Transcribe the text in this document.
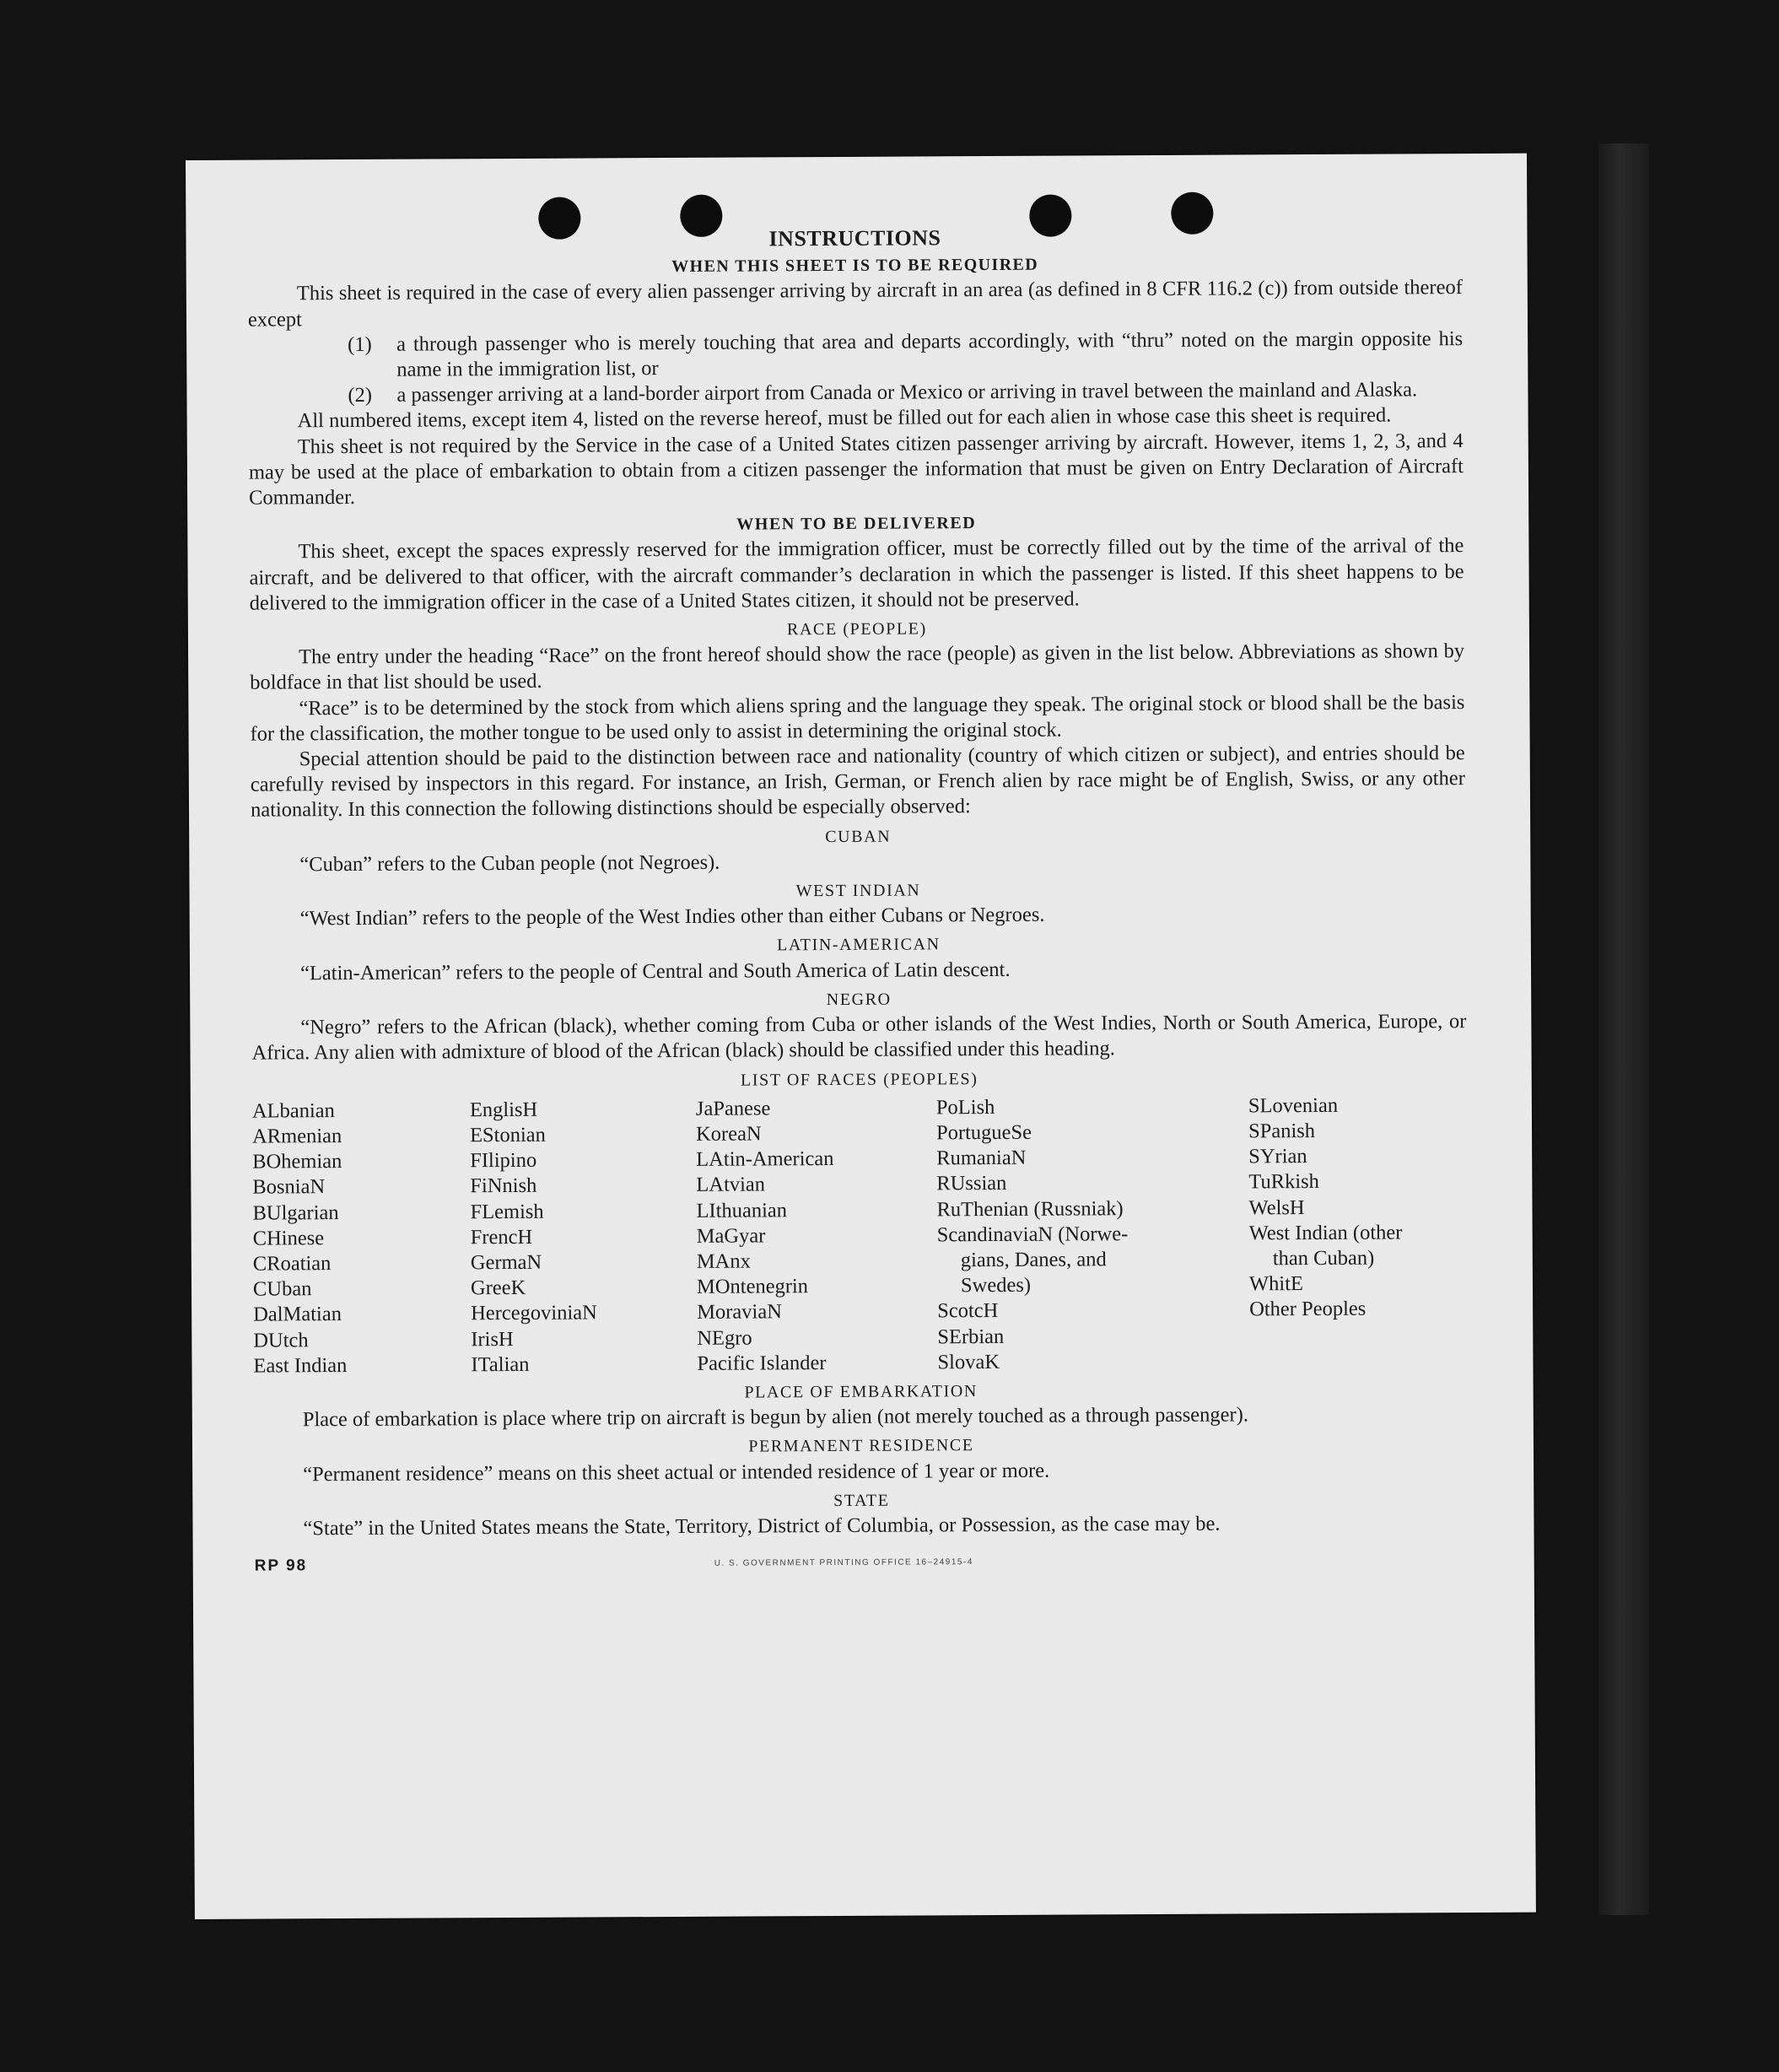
INSTRUCTIONS
WHEN THIS SHEET IS TO BE REQUIRED

This sheet is required in the case of every alien passenger arriving by aircraft in an area (as defined in 8 CFR 116.2 (c)) from outside thereof except

(1)	a through passenger who is merely touching that area and departs accordingly, with “thru” noted on the margin opposite his name in the immigration list, or
(2)	a passenger arriving at a land-border airport from Canada or Mexico or arriving in travel between the mainland and Alaska.

All numbered items, except item 4, listed on the reverse hereof, must be filled out for each alien in whose case this sheet is required.

This sheet is not required by the Service in the case of a United States citizen passenger arriving by aircraft. However, items 1, 2, 3, and 4 may be used at the place of embarkation to obtain from a citizen passenger the information that must be given on Entry Declaration of Aircraft Commander.

WHEN TO BE DELIVERED

This sheet, except the spaces expressly reserved for the immigration officer, must be correctly filled out by the time of the arrival of the aircraft, and be delivered to that officer, with the aircraft commander’s declaration in which the passenger is listed. If this sheet happens to be delivered to the immigration officer in the case of a United States citizen, it should not be preserved.

RACE (PEOPLE)

The entry under the heading “Race” on the front hereof should show the race (people) as given in the list below. Abbreviations as shown by boldface in that list should be used.

“Race” is to be determined by the stock from which aliens spring and the language they speak. The original stock or blood shall be the basis for the classification, the mother tongue to be used only to assist in determining the original stock.

Special attention should be paid to the distinction between race and nationality (country of which citizen or subject), and entries should be carefully revised by inspectors in this regard. For instance, an Irish, German, or French alien by race might be of English, Swiss, or any other nationality. In this connection the following distinctions should be especially observed:

CUBAN

“Cuban” refers to the Cuban people (not Negroes).

WEST INDIAN

“West Indian” refers to the people of the West Indies other than either Cubans or Negroes.

LATIN-AMERICAN

“Latin-American” refers to the people of Central and South America of Latin descent.

NEGRO

“Negro” refers to the African (black), whether coming from Cuba or other islands of the West Indies, North or South America, Europe, or Africa. Any alien with admixture of blood of the African (black) should be classified under this heading.

LIST OF RACES (PEOPLES)
ALbanian
ARmenian
BOhemian
BosniaN
BUlgarian
CHinese
CRoatian
CUban
DalMatian
DUtch
East Indian
EnglisH
EStonian
FIlipino
FiNnish
FLemish
FrencH
GermaN
GreeK
HercegoviniaN
IrisH
ITalian
JaPanese
KoreaN
LAtin-American
LAtvian
LIthuanian
MaGyar
MAnx
MOntenegrin
MoraviaN
NEgro
Pacific Islander
PoLish
PortugueSe
RumaniaN
RUssian
RuThenian (Russniak)
ScandinaviaN (Norwe-
gians, Danes, and
Swedes)
ScotcH
SErbian
SlovaK
SLovenian
SPanish
SYrian
TuRkish
WelsH
West Indian (other
than Cuban)
WhitE
Other Peoples
PLACE OF EMBARKATION

Place of embarkation is place where trip on aircraft is begun by alien (not merely touched as a through passenger).

PERMANENT RESIDENCE

“Permanent residence” means on this sheet actual or intended residence of 1 year or more.

STATE

“State” in the United States means the State, Territory, District of Columbia, or Possession, as the case may be.

RP 98	U. S. GOVERNMENT PRINTING OFFICE 16–24915-4
